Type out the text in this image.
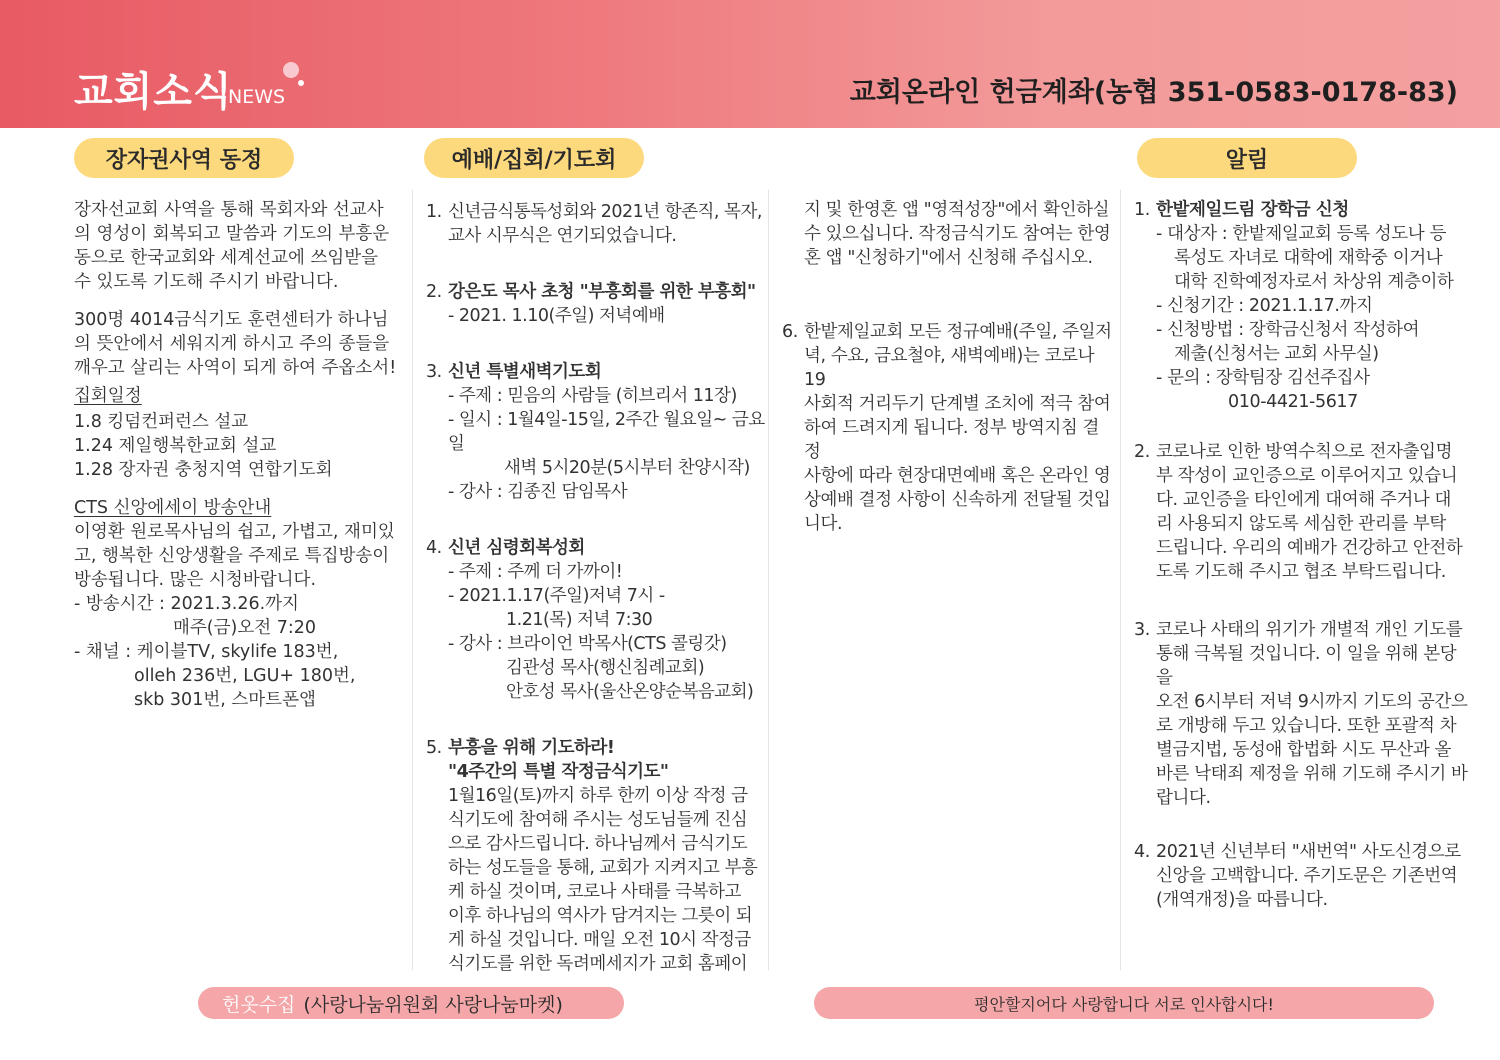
교회소식
NEWS	교회온라인 헌금계좌(농협 351-0583-0178-83)
장자권사역 동정	예배/집회/기도회	알림

장자선교회 사역을 통해 목회자와 선교사

의 영성이 회복되고 말씀과 기도의 부흥운

동으로 한국교회와 세계선교에 쓰임받을

수 있도록 기도해 주시기 바랍니다.

300명 4014금식기도 훈련센터가 하나님

의 뜻안에서 세워지게 하시고 주의 종들을

깨우고 살리는 사역이 되게 하여 주옵소서!

집회일정

1.8 킹덤컨퍼런스 설교

1.24 제일행복한교회 설교

1.28 장자권 충청지역 연합기도회

CTS 신앙에세이 방송안내

이영환 원로목사님의 쉽고, 가볍고, 재미있

고, 행복한 신앙생활을 주제로 특집방송이

방송됩니다. 많은 시청바랍니다.

- 방송시간 : 2021.3.26.까지

매주(금)오전 7:20

- 채널 : 케이블TV, skylife 183번,

olleh 236번, LGU+ 180번,

skb 301번, 스마트폰앱

1. 신년금식통독성회와 2021년 항존직, 목자,

교사 시무식은 연기되었습니다.

2. 강은도 목사 초청 "부흥회를 위한 부흥회"

- 2021. 1.10(주일) 저녁예배

3. 신년 특별새벽기도회

- 주제 : 믿음의 사람들 (히브리서 11장)

- 일시 : 1월4일-15일, 2주간 월요일~ 금요일

새벽 5시20분(5시부터 찬양시작)

- 강사 : 김종진 담임목사

4. 신년 심령회복성회

- 주제 : 주께 더 가까이!

- 2021.1.17(주일)저녁 7시 -

1.21(목) 저녁 7:30

- 강사 : 브라이언 박목사(CTS 콜링갓)

김관성 목사(행신침례교회)

안호성 목사(울산온양순복음교회)

5. 부흥을 위해 기도하라!

"4주간의 특별 작정금식기도"

1월16일(토)까지 하루 한끼 이상 작정 금

식기도에 참여해 주시는 성도님들께 진심

으로 감사드립니다. 하나님께서 금식기도

하는 성도들을 통해, 교회가 지켜지고 부흥

케 하실 것이며, 코로나 사태를 극복하고

이후 하나님의 역사가 담겨지는 그릇이 되

게 하실 것입니다. 매일 오전 10시 작정금

식기도를 위한 독려메세지가 교회 홈페이

지 및 한영혼 앱 "영적성장"에서 확인하실

수 있으십니다. 작정금식기도 참여는 한영

혼 앱 "신청하기"에서 신청해 주십시오.

6. 한밭제일교회 모든 정규예배(주일, 주일저

녁, 수요, 금요철야, 새벽예배)는 코로나19

사회적 거리두기 단계별 조치에 적극 참여

하여 드려지게 됩니다. 정부 방역지침 결정

사항에 따라 현장대면예배 혹은 온라인 영

상예배 결정 사항이 신속하게 전달될 것입

니다.

1. 한밭제일드림 장학금 신청

- 대상자 : 한밭제일교회 등록 성도나 등

록성도 자녀로 대학에 재학중 이거나

대학 진학예정자로서 차상위 계층이하

- 신청기간 : 2021.1.17.까지

- 신청방법 : 장학금신청서 작성하여

제출(신청서는 교회 사무실)

- 문의 : 장학팀장 김선주집사

010-4421-5617

2. 코로나로 인한 방역수칙으로 전자출입명

부 작성이 교인증으로 이루어지고 있습니

다. 교인증을 타인에게 대여해 주거나 대

리 사용되지 않도록 세심한 관리를 부탁

드립니다. 우리의 예배가 건강하고 안전하

도록 기도해 주시고 협조 부탁드립니다.

3. 코로나 사태의 위기가 개별적 개인 기도를

통해 극복될 것입니다. 이 일을 위해 본당을

오전 6시부터 저녁 9시까지 기도의 공간으

로 개방해 두고 있습니다. 또한 포괄적 차

별금지법, 동성애 합법화 시도 무산과 올

바른 낙태죄 제정을 위해 기도해 주시기 바

랍니다.

4. 2021년 신년부터 "새번역" 사도신경으로

신앙을 고백합니다. 주기도문은 기존번역

(개역개정)을 따릅니다.

헌옷수집 (사랑나눔위원회 사랑나눔마켓)	평안할지어다 사랑합니다 서로 인사합시다!
